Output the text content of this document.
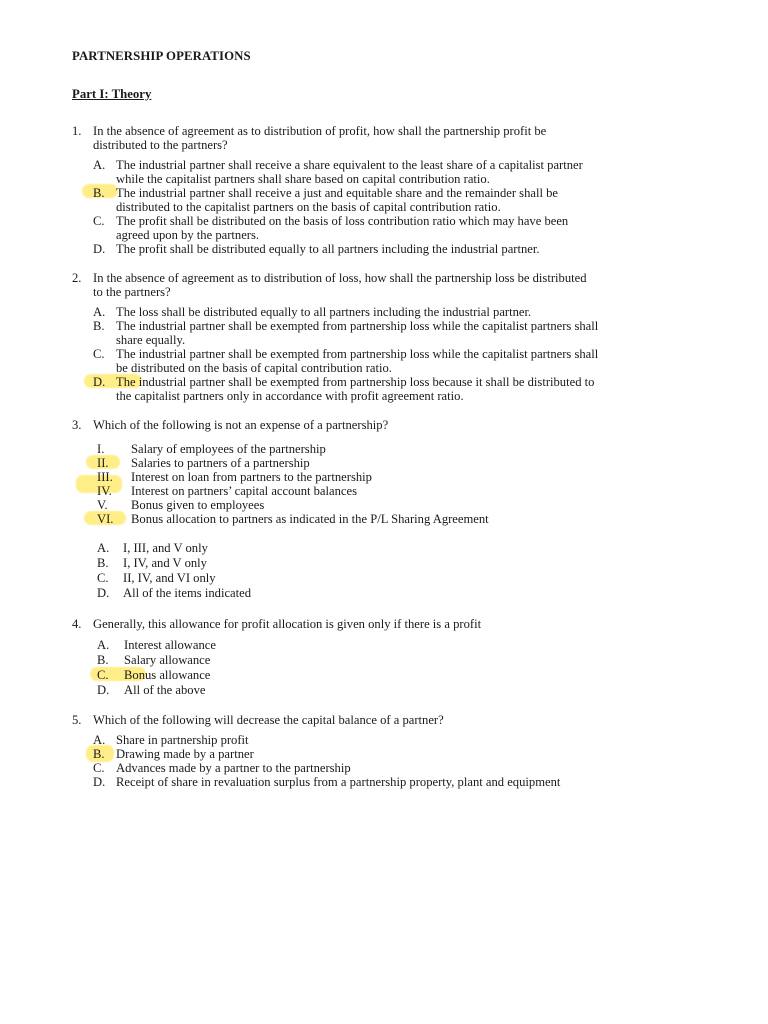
PARTNERSHIP OPERATIONS
Part I: Theory
1. In the absence of agreement as to distribution of profit, how shall the partnership profit be
distributed to the partners?
A. The industrial partner shall receive a share equivalent to the least share of a capitalist partner
while the capitalist partners shall share based on capital contribution ratio.
B. The industrial partner shall receive a just and equitable share and the remainder shall be
distributed to the capitalist partners on the basis of capital contribution ratio.
C. The profit shall be distributed on the basis of loss contribution ratio which may have been
agreed upon by the partners.
D. The profit shall be distributed equally to all partners including the industrial partner.
2. In the absence of agreement as to distribution of loss, how shall the partnership loss be distributed
to the partners?
A. The loss shall be distributed equally to all partners including the industrial partner.
B. The industrial partner shall be exempted from partnership loss while the capitalist partners shall
share equally.
C. The industrial partner shall be exempted from partnership loss while the capitalist partners shall
be distributed on the basis of capital contribution ratio.
D. The industrial partner shall be exempted from partnership loss because it shall be distributed to
the capitalist partners only in accordance with profit agreement ratio.
3. Which of the following is not an expense of a partnership?
I. Salary of employees of the partnership
II. Salaries to partners of a partnership
III. Interest on loan from partners to the partnership
IV. Interest on partners’ capital account balances
V. Bonus given to employees
VI. Bonus allocation to partners as indicated in the P/L Sharing Agreement
A. I, III, and V only
B. I, IV, and V only
C. II, IV, and VI only
D. All of the items indicated
4. Generally, this allowance for profit allocation is given only if there is a profit
A. Interest allowance
B. Salary allowance
C. Bonus allowance
D. All of the above
5. Which of the following will decrease the capital balance of a partner?
A. Share in partnership profit
B. Drawing made by a partner
C. Advances made by a partner to the partnership
D. Receipt of share in revaluation surplus from a partnership property, plant and equipment
